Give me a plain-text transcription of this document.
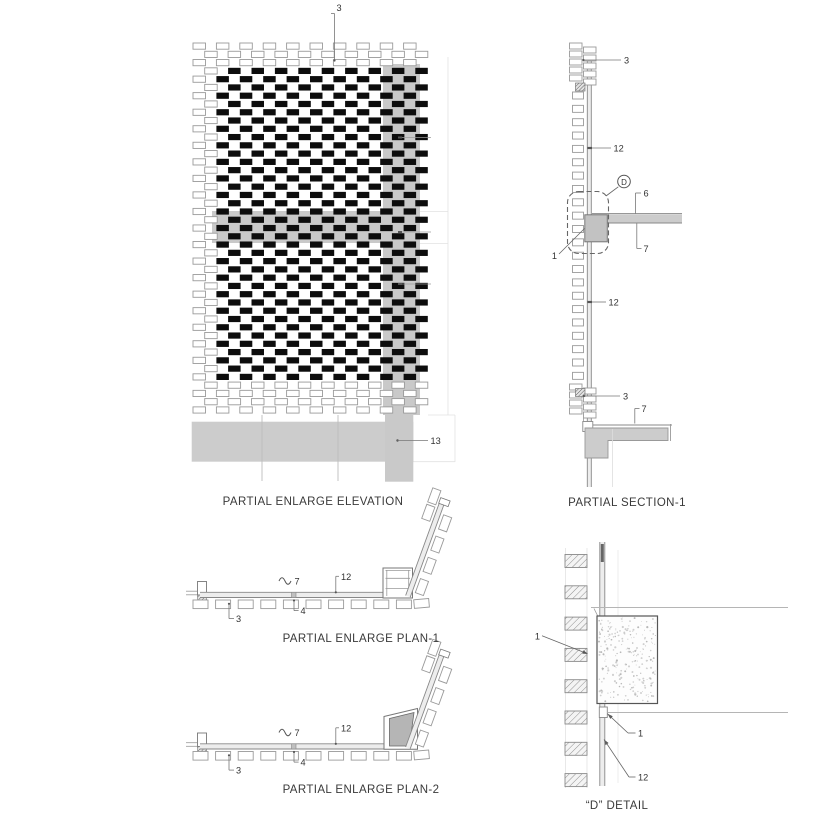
3
13
D
3
12
6
7
1
12
3
7
7	12
4
3
7	12
4
3
1
1
12
PARTIAL ENLARGE ELEVATION	PARTIAL SECTION-1
PARTIAL ENLARGE PLAN-1
PARTIAL ENLARGE PLAN-2
“D” DETAIL
